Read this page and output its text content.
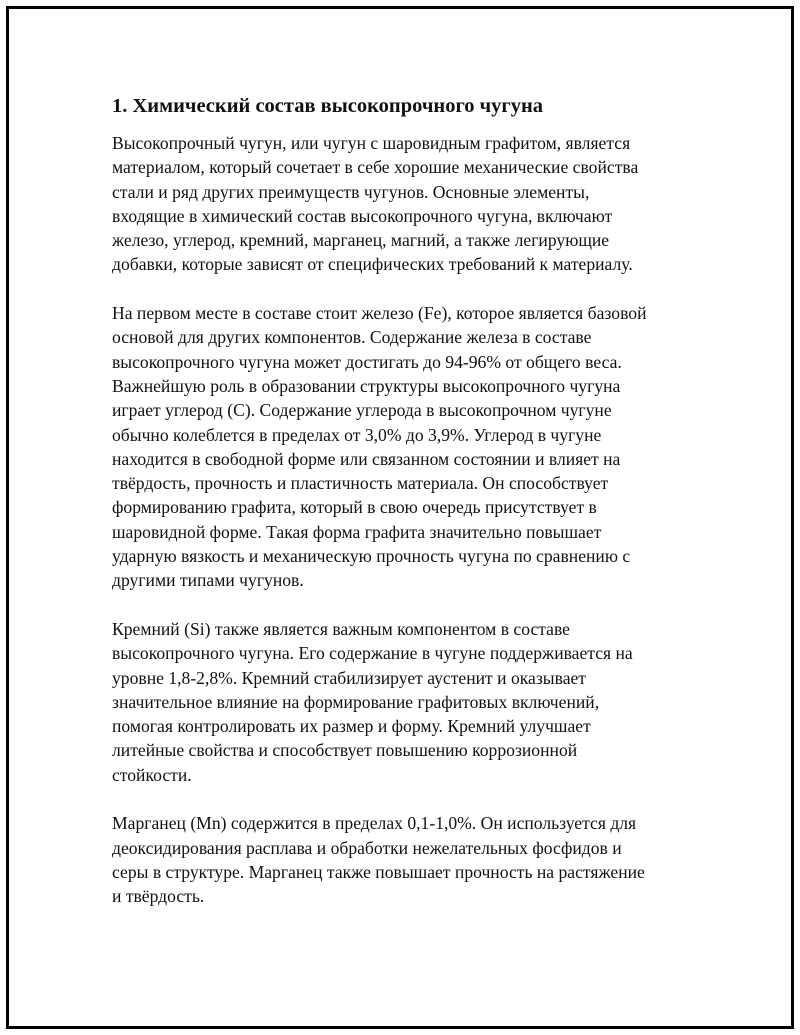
1. Химический состав высокопрочного чугуна
Высокопрочный чугун, или чугун с шаровидным графитом, является
материалом, который сочетает в себе хорошие механические свойства
стали и ряд других преимуществ чугунов. Основные элементы,
входящие в химический состав высокопрочного чугуна, включают
железо, углерод, кремний, марганец, магний, а также легирующие
добавки, которые зависят от специфических требований к материалу.
На первом месте в составе стоит железо (Fe), которое является базовой
основой для других компонентов. Содержание железа в составе
высокопрочного чугуна может достигать до 94-96% от общего веса.
Важнейшую роль в образовании структуры высокопрочного чугуна
играет углерод (С). Содержание углерода в высокопрочном чугуне
обычно колеблется в пределах от 3,0% до 3,9%. Углерод в чугуне
находится в свободной форме или связанном состоянии и влияет на
твёрдость, прочность и пластичность материала. Он способствует
формированию графита, который в свою очередь присутствует в
шаровидной форме. Такая форма графита значительно повышает
ударную вязкость и механическую прочность чугуна по сравнению с
другими типами чугунов.
Кремний (Si) также является важным компонентом в составе
высокопрочного чугуна. Его содержание в чугуне поддерживается на
уровне 1,8-2,8%. Кремний стабилизирует аустенит и оказывает
значительное влияние на формирование графитовых включений,
помогая контролировать их размер и форму. Кремний улучшает
литейные свойства и способствует повышению коррозионной
стойкости.
Марганец (Mn) содержится в пределах 0,1-1,0%. Он используется для
деоксидирования расплава и обработки нежелательных фосфидов и
серы в структуре. Марганец также повышает прочность на растяжение
и твёрдость.
